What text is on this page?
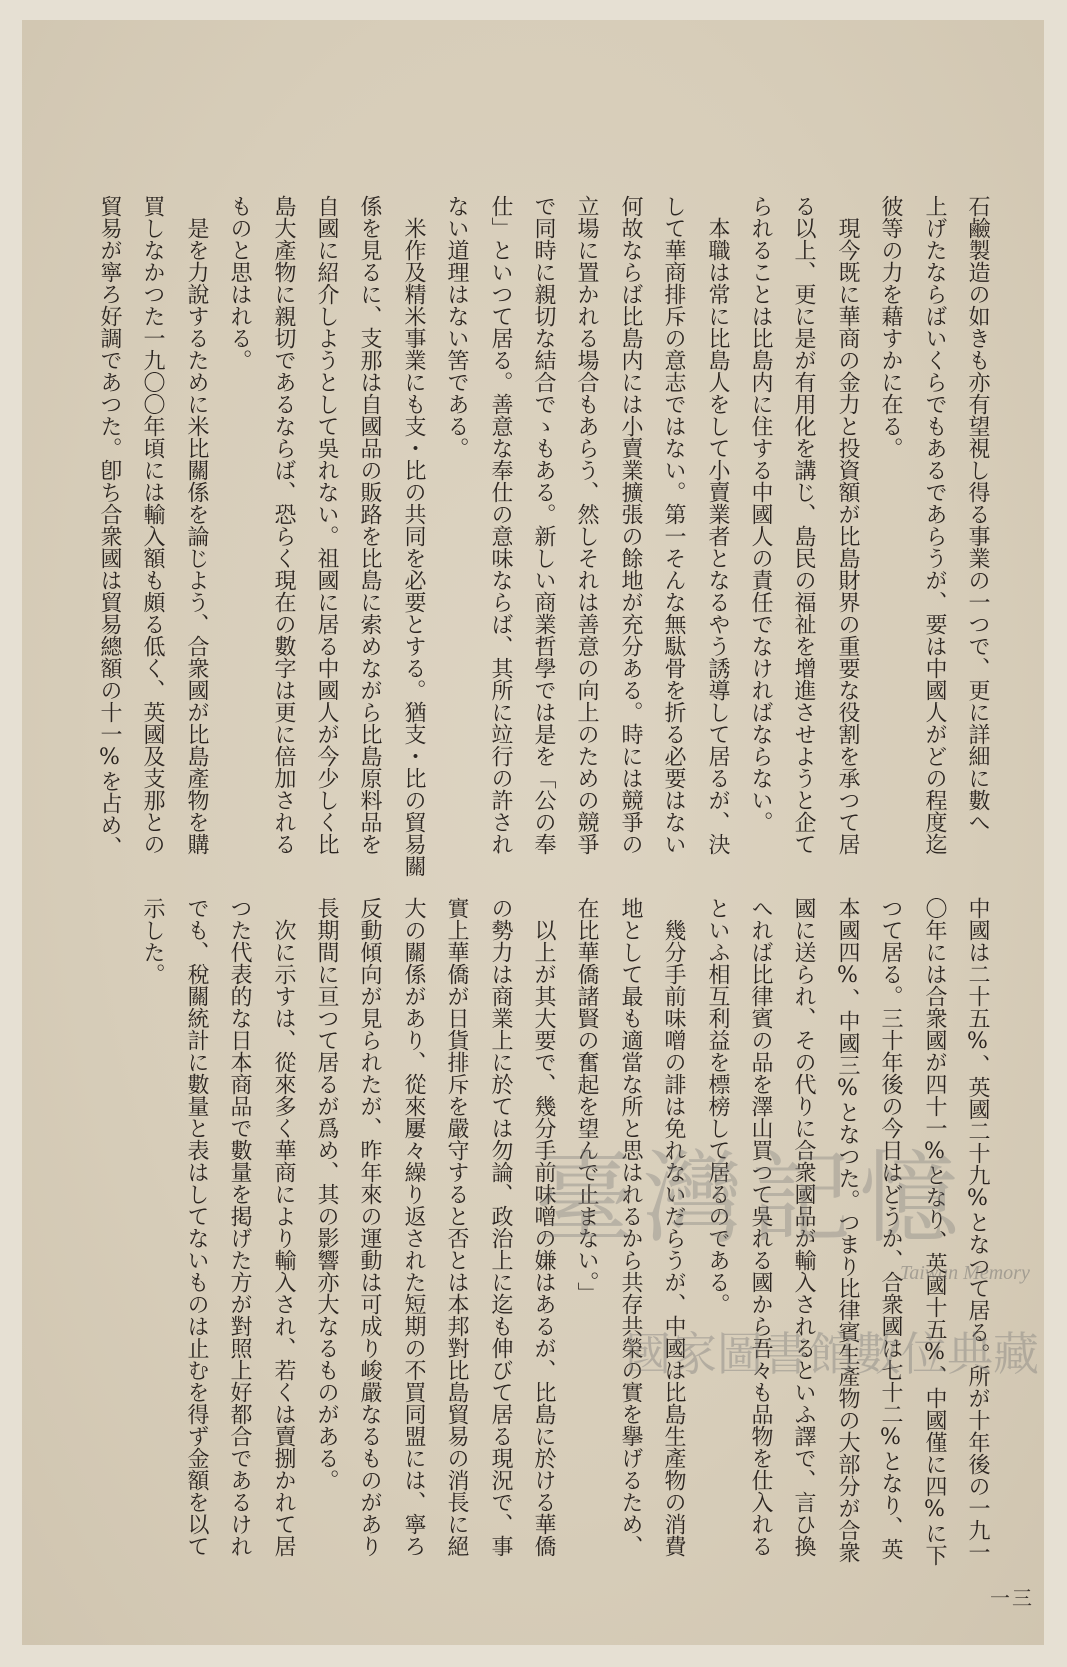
石鹼製造の如きも亦有望視し得る事業の一つで、更に詳細に數へ
上げたならばいくらでもあるであらうが、要は中國人がどの程度迄
彼等の力を藉すかに在る。
　現今既に華商の金力と投資額が比島財界の重要な役割を承つて居
る以上、更に是が有用化を講じ、島民の福祉を增進させようと企て
られることは比島内に住する中國人の責任でなければならない。
　本職は常に比島人をして小賣業者となるやう誘導して居るが、決
して華商排斥の意志ではない。第一そんな無駄骨を折る必要はない
何故ならば比島内には小賣業擴張の餘地が充分ある。時には競爭の
立場に置かれる場合もあらう、然しそれは善意の向上のための競爭
で同時に親切な結合でゝもある。新しい商業哲學では是を「公の奉
仕」といつて居る。善意な奉仕の意味ならば、其所に竝行の許され
ない道理はない筈である。
　米作及精米事業にも支・比の共同を必要とする。猶支・比の貿易關
係を見るに、支那は自國品の販路を比島に索めながら比島原料品を
自國に紹介しようとして吳れない。祖國に居る中國人が今少しく比
島大產物に親切であるならば、恐らく現在の數字は更に倍加される
ものと思はれる。
　是を力說するために米比關係を論じよう、合衆國が比島產物を購
買しなかつた一九〇〇年頃には輸入額も頗る低く、英國及支那との
貿易が寧ろ好調であつた。卽ち合衆國は貿易總額の十一%を占め、
中國は二十五%、英國二十九%となつて居る。所が十年後の一九一
〇年には合衆國が四十一%となり、英國十五%、中國僅に四%に下
つて居る。三十年後の今日はどうか、合衆國は七十二%となり、英
本國四%、中國三%となつた。つまり比律賓生產物の大部分が合衆
國に送られ、その代りに合衆國品が輸入されるといふ譯で、言ひ換
へれば比律賓の品を澤山買つて吳れる國から吾々も品物を仕入れる
といふ相互利益を標榜して居るのである。
　幾分手前味噌の誹は免れないだらうが、中國は比島生產物の消費
地として最も適當な所と思はれるから共存共榮の實を擧げるため、
在比華僑諸賢の奮起を望んで止まない。」
　以上が其大要で、幾分手前味噌の嫌はあるが、比島に於ける華僑
の勢力は商業上に於ては勿論、政治上に迄も伸びて居る現況で、事
實上華僑が日貨排斥を嚴守すると否とは本邦對比島貿易の消長に絕
大の關係があり、從來屢々繰り返された短期の不買同盟には、寧ろ
反動傾向が見られたが、昨年來の運動は可成り峻嚴なるものがあり
長期間に亘つて居るが爲め、其の影響亦大なるものがある。
　次に示すは、從來多く華商により輸入され、若くは賣捌かれて居
つた代表的な日本商品で數量を掲げた方が對照上好都合であるけれ
でも、稅關統計に數量と表はしてないものは止むを得ず金額を以て
示した。
一三
臺灣記憶
Taiwan Memory
國家圖書館數位典藏
